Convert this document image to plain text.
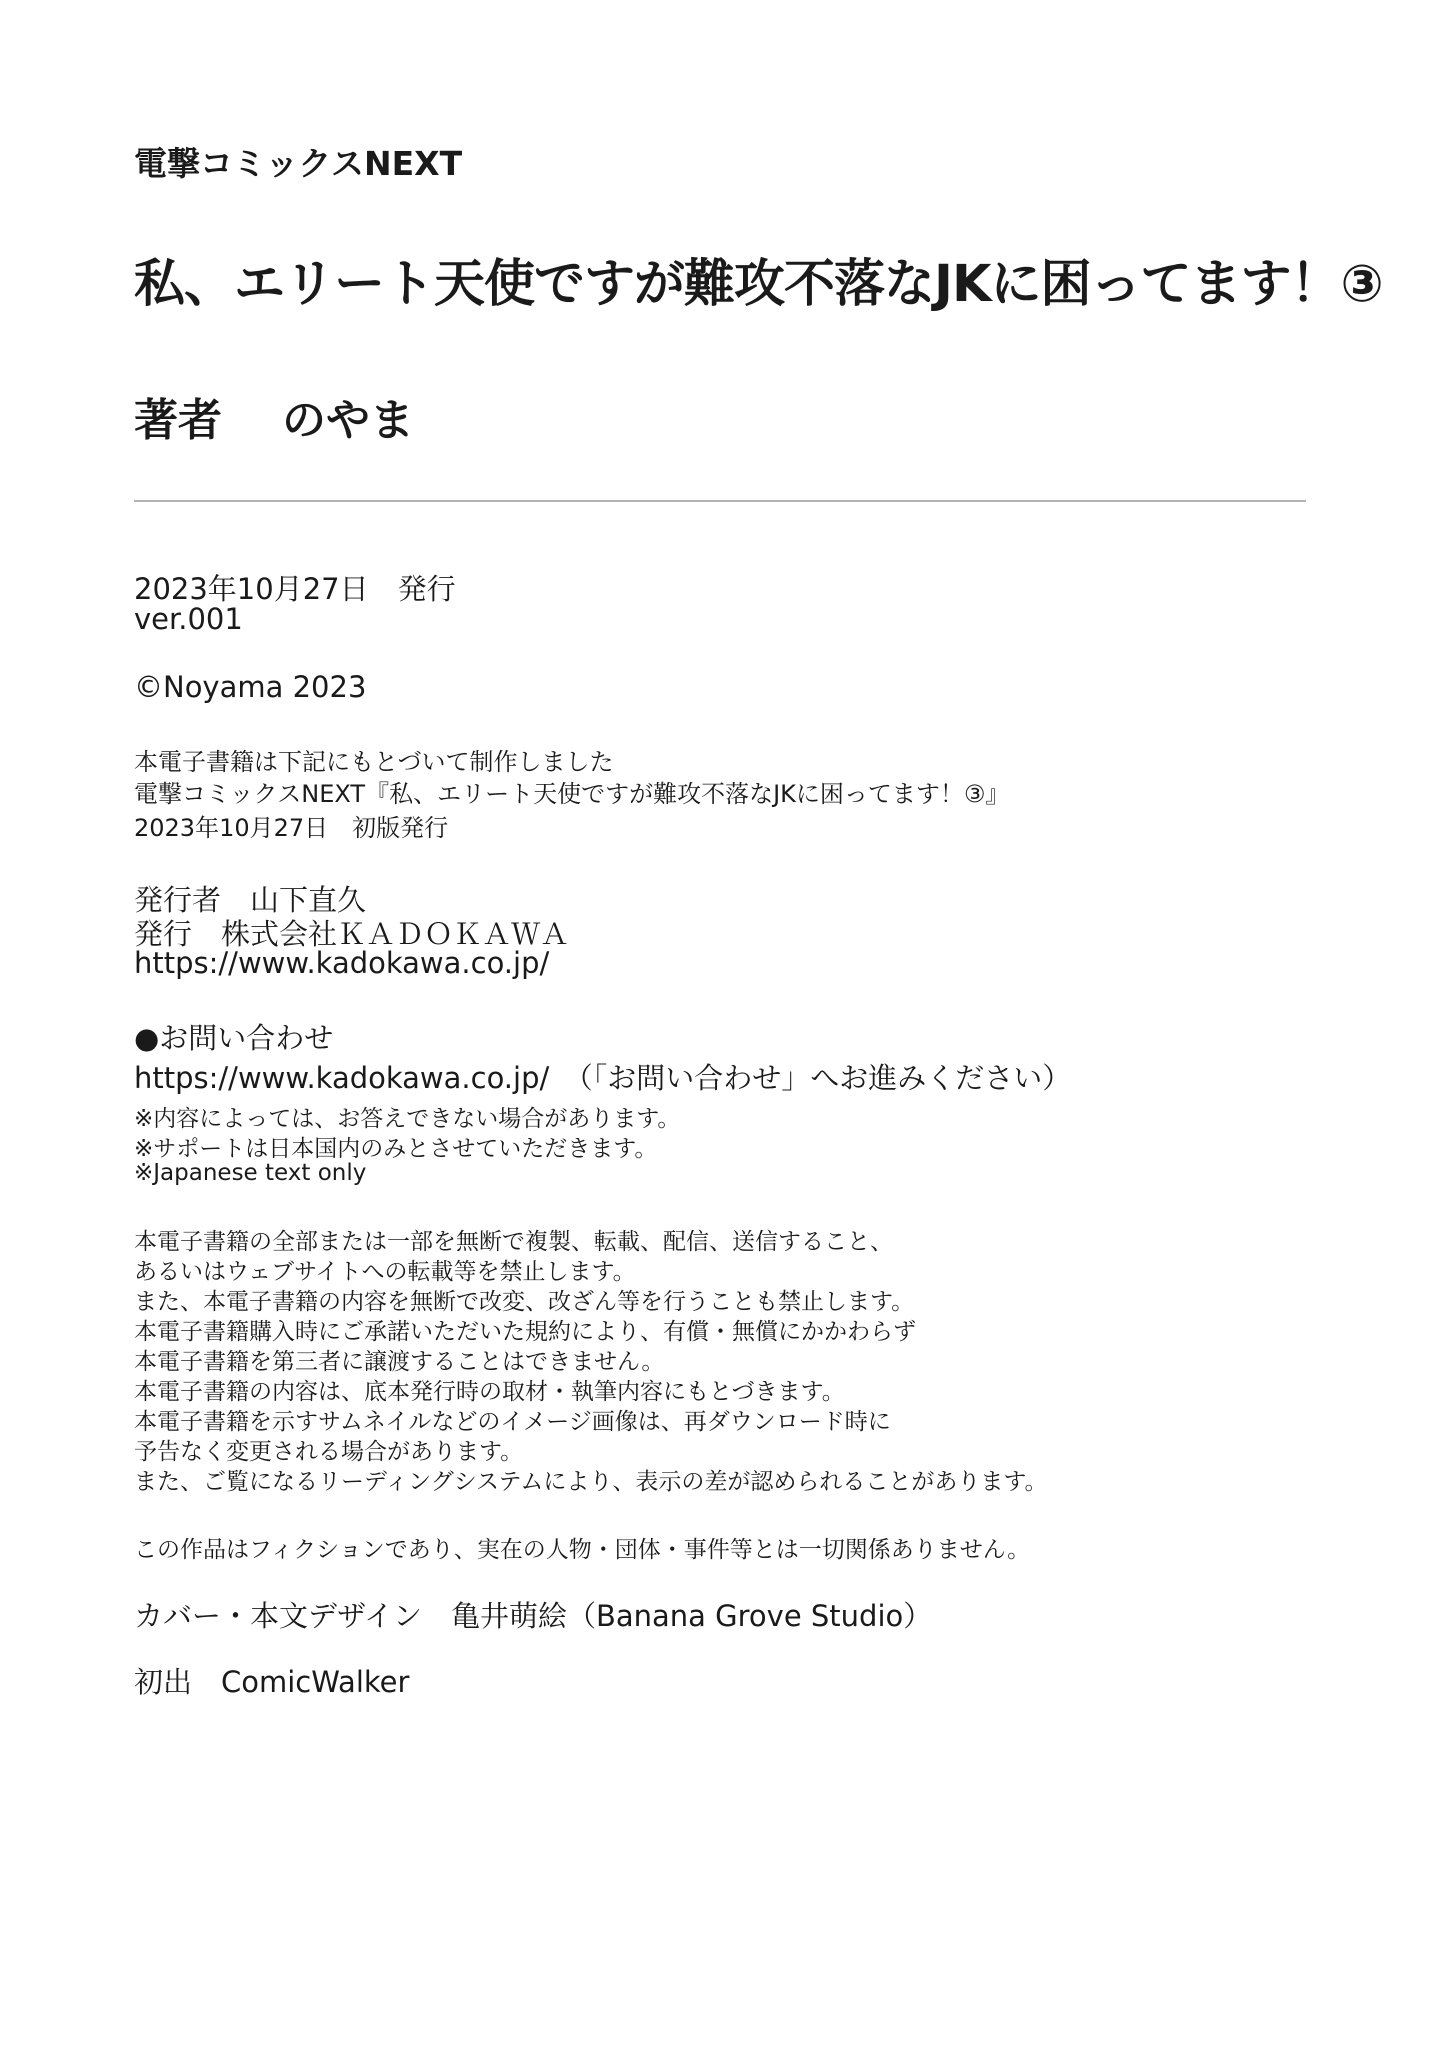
電撃コミックスNEXT
私、エリート天使ですが難攻不落なJKに困ってます！③
著者 のやま
2023年10月27日　発行
ver.001
©Noyama 2023
本電子書籍は下記にもとづいて制作しました
電撃コミックスNEXT『私、エリート天使ですが難攻不落なJKに困ってます！③』
2023年10月27日　初版発行
発行者　山下直久
発行　株式会社ＫＡＤＯＫＡＷＡ
https://www.kadokawa.co.jp/
●お問い合わせ
https://www.kadokawa.co.jp/　（「お問い合わせ」へお進みください）
※内容によっては、お答えできない場合があります。
※サポートは日本国内のみとさせていただきます。
※Japanese text only
本電子書籍の全部または一部を無断で複製、転載、配信、送信すること、
あるいはウェブサイトへの転載等を禁止します。
また、本電子書籍の内容を無断で改変、改ざん等を行うことも禁止します。
本電子書籍購入時にご承諾いただいた規約により、有償・無償にかかわらず
本電子書籍を第三者に譲渡することはできません。
本電子書籍の内容は、底本発行時の取材・執筆内容にもとづきます。
本電子書籍を示すサムネイルなどのイメージ画像は、再ダウンロード時に
予告なく変更される場合があります。
また、ご覧になるリーディングシステムにより、表示の差が認められることがあります。
この作品はフィクションであり、実在の人物・団体・事件等とは一切関係ありません。
カバー・本文デザイン　亀井萌絵（Banana Grove Studio）
初出　ComicWalker
